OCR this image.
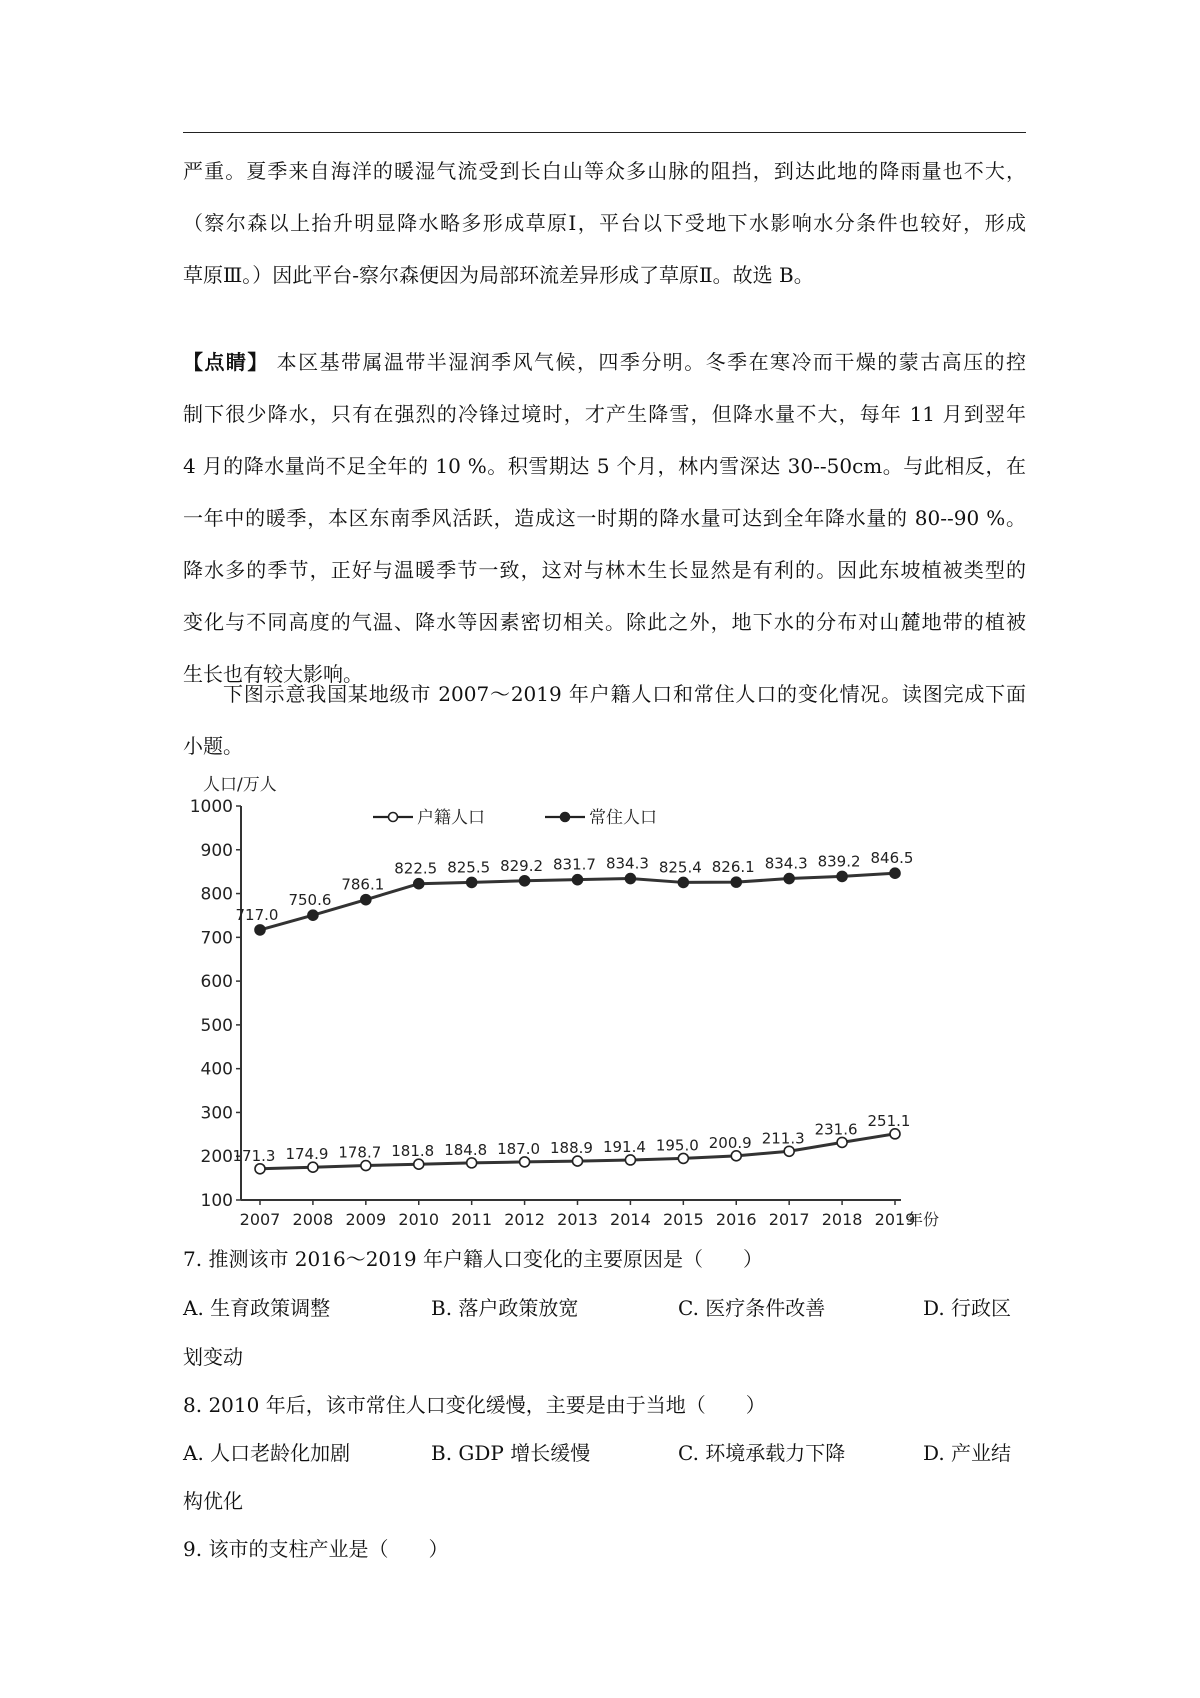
严重。夏季来自海洋的暖湿气流受到长白山等众多山脉的阻挡，到达此地的降雨量也不大，
（察尔森以上抬升明显降水略多形成草原Ⅰ，平台以下受地下水影响水分条件也较好，形成
草原Ⅲ。）因此平台-察尔森便因为局部环流差异形成了草原Ⅱ。故选 B。
【点睛】 本区基带属温带半湿润季风气候，四季分明。冬季在寒冷而干燥的蒙古高压的控
制下很少降水，只有在强烈的冷锋过境时，才产生降雪，但降水量不大，每年 11 月到翌年
4 月的降水量尚不足全年的 10 %。积雪期达 5 个月，林内雪深达 30--50cm。与此相反，在
一年中的暖季，本区东南季风活跃，造成这一时期的降水量可达到全年降水量的 80--90 %。
降水多的季节，正好与温暖季节一致，这对与林木生长显然是有利的。因此东坡植被类型的
变化与不同高度的气温、降水等因素密切相关。除此之外，地下水的分布对山麓地带的植被
生长也有较大影响。
下图示意我国某地级市 2007～2019 年户籍人口和常住人口的变化情况。读图完成下面
小题。
100
200
300
400
500
600
700
800
900
1000
2007 2008 2009 2010 2011 2012 2013 2014 2015 2016 2017 2018 2019
人口/万人
年份
户籍人口	常住人口
171.3 174.9 178.7 181.8 184.8 187.0 188.9 191.4 195.0 200.9 211.3 231.6 251.1
717.0
750.6
786.1
822.5 825.5 829.2 831.7 834.3 825.4 826.1 834.3 839.2 846.5
7. 推测该市 2016～2019 年户籍人口变化的主要原因是（　　）
A. 生育政策调整	B. 落户政策放宽	C. 医疗条件改善	D. 行政区
划变动
8. 2010 年后，该市常住人口变化缓慢，主要是由于当地（　　）
A. 人口老龄化加剧	B. GDP 增长缓慢	C. 环境承载力下降	D. 产业结
构优化
9. 该市的支柱产业是（　　）
